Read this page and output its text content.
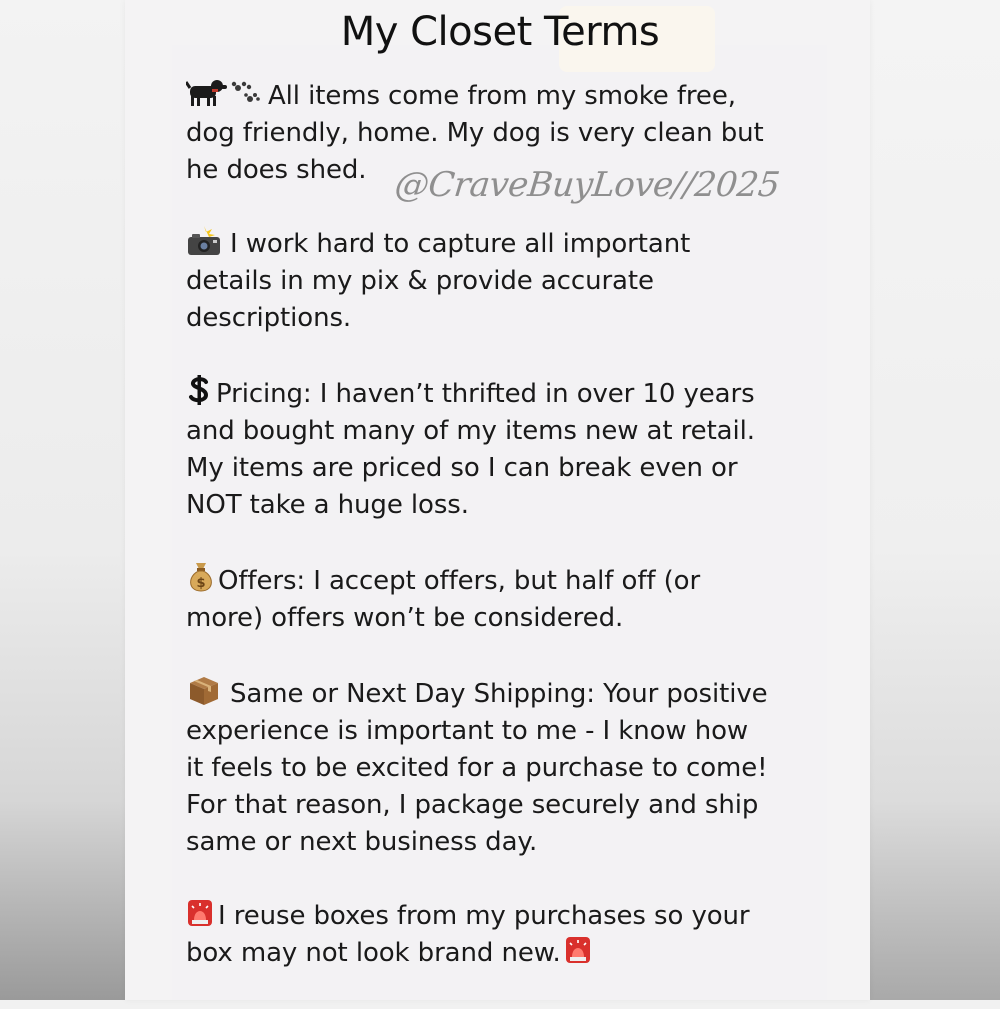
My Closet Terms
All items come from my smoke free,
dog friendly, home. My dog is very clean but
he does shed.
I work hard to capture all important
details in my pix & provide accurate
descriptions.
Pricing: I haven’t thrifted in over 10 years
and bought many of my items new at retail.
My items are priced so I can break even or
NOT take a huge loss.
$ Offers: I accept offers, but half off (or
more) offers won’t be considered.
Same or Next Day Shipping: Your positive
experience is important to me - I know how
it feels to be excited for a purchase to come!
For that reason, I package securely and ship
same or next business day.
I reuse boxes from my purchases so your
box may not look brand new.
@CraveBuyLove//2025
